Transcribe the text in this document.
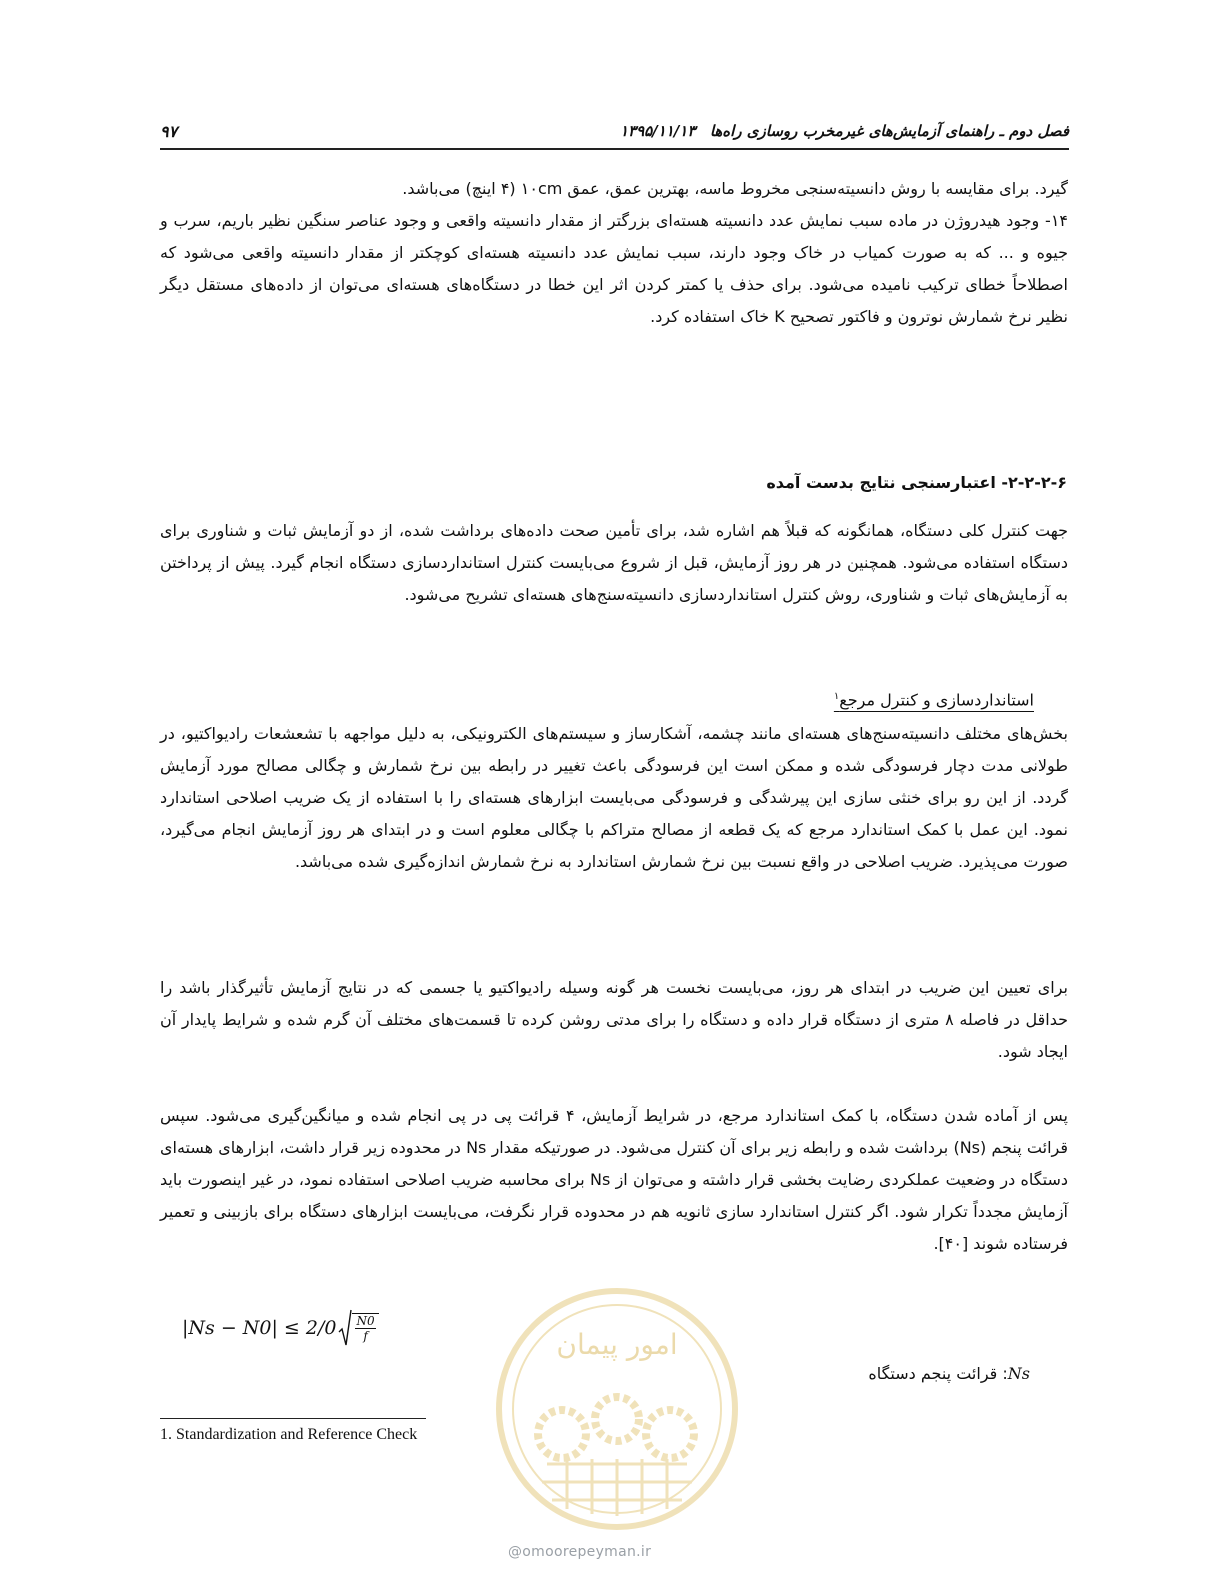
۹۷	۱۳۹۵/۱۱/۱۳ فصل دوم ـ راهنمای آزمایش‌های غیرمخرب روسازی راه‌ها
گیرد. برای مقایسه با روش دانسیته‌سنجی مخروط ماسه، بهترین عمق، عمق ۱۰cm (۴ اینچ) می‌باشد.
۱۴- وجود هیدروژن در ماده سبب نمایش عدد دانسیته هسته‌ای بزرگتر از مقدار دانسیته واقعی و وجود عناصر سنگین نظیر باریم، سرب و جیوه و ... که به صورت کمیاب در خاک وجود دارند، سبب نمایش عدد دانسیته هسته‌ای کوچکتر از مقدار دانسیته واقعی می‌شود که اصطلاحاً خطای ترکیب نامیده می‌شود. برای حذف یا کمتر کردن اثر این خطا در دستگاه‌های هسته‌ای می‌توان از داده‌های مستقل دیگر نظیر نرخ شمارش نوترون و فاکتور تصحیح K خاک استفاده کرد.
۲-۲-۲-۶- اعتبارسنجی نتایج بدست آمده
جهت کنترل کلی دستگاه، همانگونه که قبلاً هم اشاره شد، برای تأمین صحت داده‌های برداشت شده، از دو آزمایش ثبات و شناوری برای دستگاه استفاده می‌شود. همچنین در هر روز آزمایش، قبل از شروع می‌بایست کنترل استانداردسازی دستگاه انجام گیرد. پیش از پرداختن به آزمایش‌های ثبات و شناوری، روش کنترل استانداردسازی دانسیته‌سنج‌های هسته‌ای تشریح می‌شود.
استانداردسازی و کنترل مرجع$^۱$
بخش‌های مختلف دانسیته‌سنج‌های هسته‌ای مانند چشمه، آشکارساز و سیستم‌های الکترونیکی، به دلیل مواجهه با تشعشعات رادیواکتیو، در طولانی مدت دچار فرسودگی شده و ممکن است این فرسودگی باعث تغییر در رابطه بین نرخ شمارش و چگالی مصالح مورد آزمایش گردد. از این رو برای خنثی سازی این پیرشدگی و فرسودگی می‌بایست ابزارهای هسته‌ای را با استفاده از یک ضریب اصلاحی استاندارد نمود. این عمل با کمک استاندارد مرجع که یک قطعه از مصالح متراکم با چگالی معلوم است و در ابتدای هر روز آزمایش انجام می‌گیرد، صورت می‌پذیرد. ضریب اصلاحی در واقع نسبت بین نرخ شمارش استاندارد به نرخ شمارش اندازه‌گیری شده می‌باشد.
برای تعیین این ضریب در ابتدای هر روز، می‌بایست نخست هر گونه وسیله رادیواکتیو یا جسمی که در نتایج آزمایش تأثیرگذار باشد را حداقل در فاصله ۸ متری از دستگاه قرار داده و دستگاه را برای مدتی روشن کرده تا قسمت‌های مختلف آن گرم شده و شرایط پایدار آن ایجاد شود.
پس از آماده شدن دستگاه، با کمک استاندارد مرجع، در شرایط آزمایش، ۴ قرائت پی در پی انجام شده و میانگین‌گیری می‌شود. سپس قرائت پنجم (Ns) برداشت شده و رابطه زیر برای آن کنترل می‌شود. در صورتیکه مقدار Ns در محدوده زیر قرار داشت، ابزارهای هسته‌ای دستگاه در وضعیت عملکردی رضایت بخشی قرار داشته و می‌توان از Ns برای محاسبه ضریب اصلاحی استفاده نمود، در غیر اینصورت باید آزمایش مجدداً تکرار شود. اگر کنترل استاندارد سازی ثانویه هم در محدوده قرار نگرفت، می‌بایست ابزارهای دستگاه برای بازبینی و تعمیر فرستاده شوند [۴۰].
$|Ns - N0| \le 2/0 \frac{N0}{f}$
Ns: قرائت پنجم دستگاه
1. Standardization and Reference Check
امور پیمان
@omoorepeyman.ir
